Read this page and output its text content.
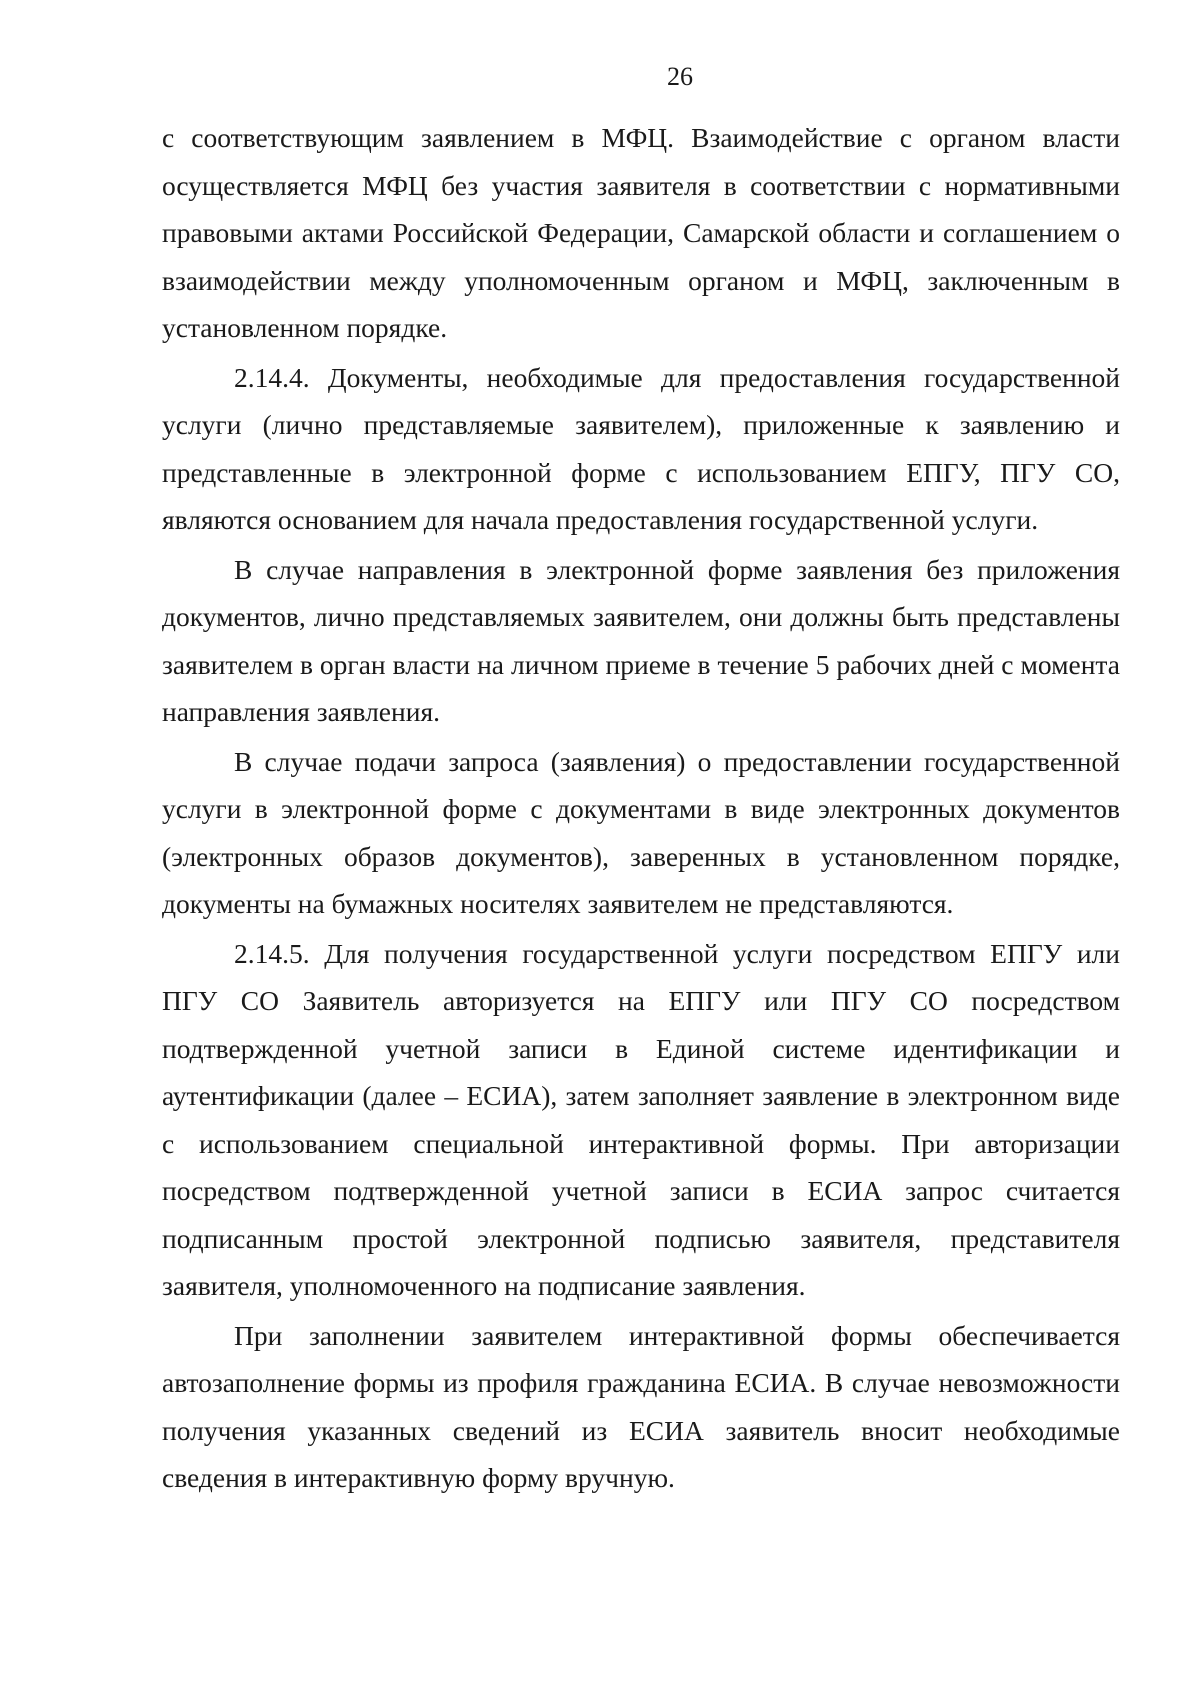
26

с соответствующим заявлением в МФЦ. Взаимодействие с органом власти осуществляется МФЦ без участия заявителя в соответствии с нормативными правовыми актами Российской Федерации, Самарской области и соглашением о взаимодействии между уполномоченным органом и МФЦ, заключенным в установленном порядке.

2.14.4. Документы, необходимые для предоставления государственной услуги (лично представляемые заявителем), приложенные к заявлению и представленные в электронной форме с использованием ЕПГУ, ПГУ СО, являются основанием для начала предоставления государственной услуги.

В случае направления в электронной форме заявления без приложения документов, лично представляемых заявителем, они должны быть представлены заявителем в орган власти на личном приеме в течение 5 рабочих дней с момента направления заявления.

В случае подачи запроса (заявления) о предоставлении государственной услуги в электронной форме с документами в виде электронных документов (электронных образов документов), заверенных в установленном порядке, документы на бумажных носителях заявителем не представляются.

2.14.5. Для получения государственной услуги посредством ЕПГУ или ПГУ СО Заявитель авторизуется на ЕПГУ или ПГУ СО посредством подтвержденной учетной записи в Единой системе идентификации и аутентификации (далее – ЕСИА), затем заполняет заявление в электронном виде с использованием специальной интерактивной формы. При авторизации посредством подтвержденной учетной записи в ЕСИА запрос считается подписанным простой электронной подписью заявителя, представителя заявителя, уполномоченного на подписание заявления.

При заполнении заявителем интерактивной формы обеспечивается автозаполнение формы из профиля гражданина ЕСИА. В случае невозможности получения указанных сведений из ЕСИА заявитель вносит необходимые сведения в интерактивную форму вручную.
